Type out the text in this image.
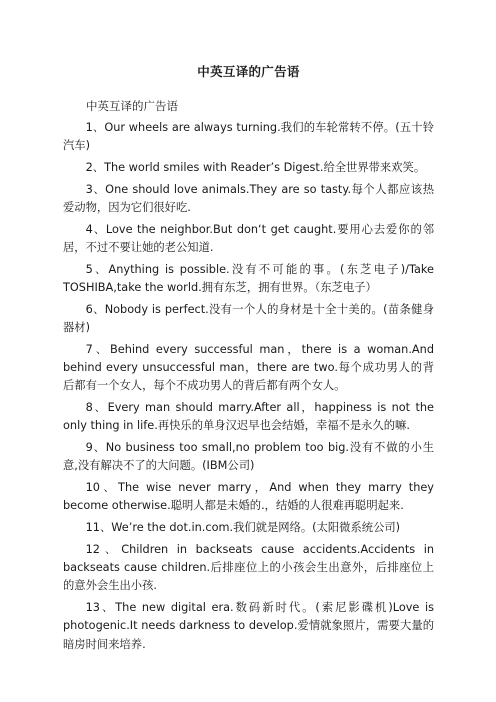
中英互译的广告语

中英互译的广告语

1、Our wheels are always turning.我们的车轮常转不停。(五十铃汽车)

2、The world smiles with Reader’s Digest.给全世界带来欢笑。

3、One should love animals.They are so tasty.每个人都应该热爱动物，因为它们很好吃.

4、Love the neighbor.But don‘t get caught.要用心去爱你的邻居，不过不要让她的老公知道.

5、Anything is possible.没有不可能的事。(东芝电子)/Take TOSHIBA,take the world.拥有东芝，拥有世界。（东芝电子）

6、Nobody is perfect.没有一个人的身材是十全十美的。(苗条健身器材)

7、Behind every successful man，there is a woman.And behind every unsuccessful man，there are two.每个成功男人的背后都有一个女人，每个不成功男人的背后都有两个女人。

8、Every man should marry.After all，happiness is not the only thing in life.再快乐的单身汉迟早也会结婚，幸福不是永久的嘛.

9、No business too small,no problem too big.没有不做的小生意,没有解决不了的大问题。(IBM公司)

10、The wise never marry，And when they marry they become otherwise.聪明人都是未婚的.，结婚的人很难再聪明起来.

11、We’re the dot.in.com.我们就是网络。(太阳微系统公司)

12、Children in backseats cause accidents.Accidents in backseats cause children.后排座位上的小孩会生出意外，后排座位上的意外会生出小孩.

13、The new digital era.数码新时代。(索尼影碟机)Love is photogenic.It needs darkness to develop.爱情就象照片，需要大量的暗房时间来培养.
